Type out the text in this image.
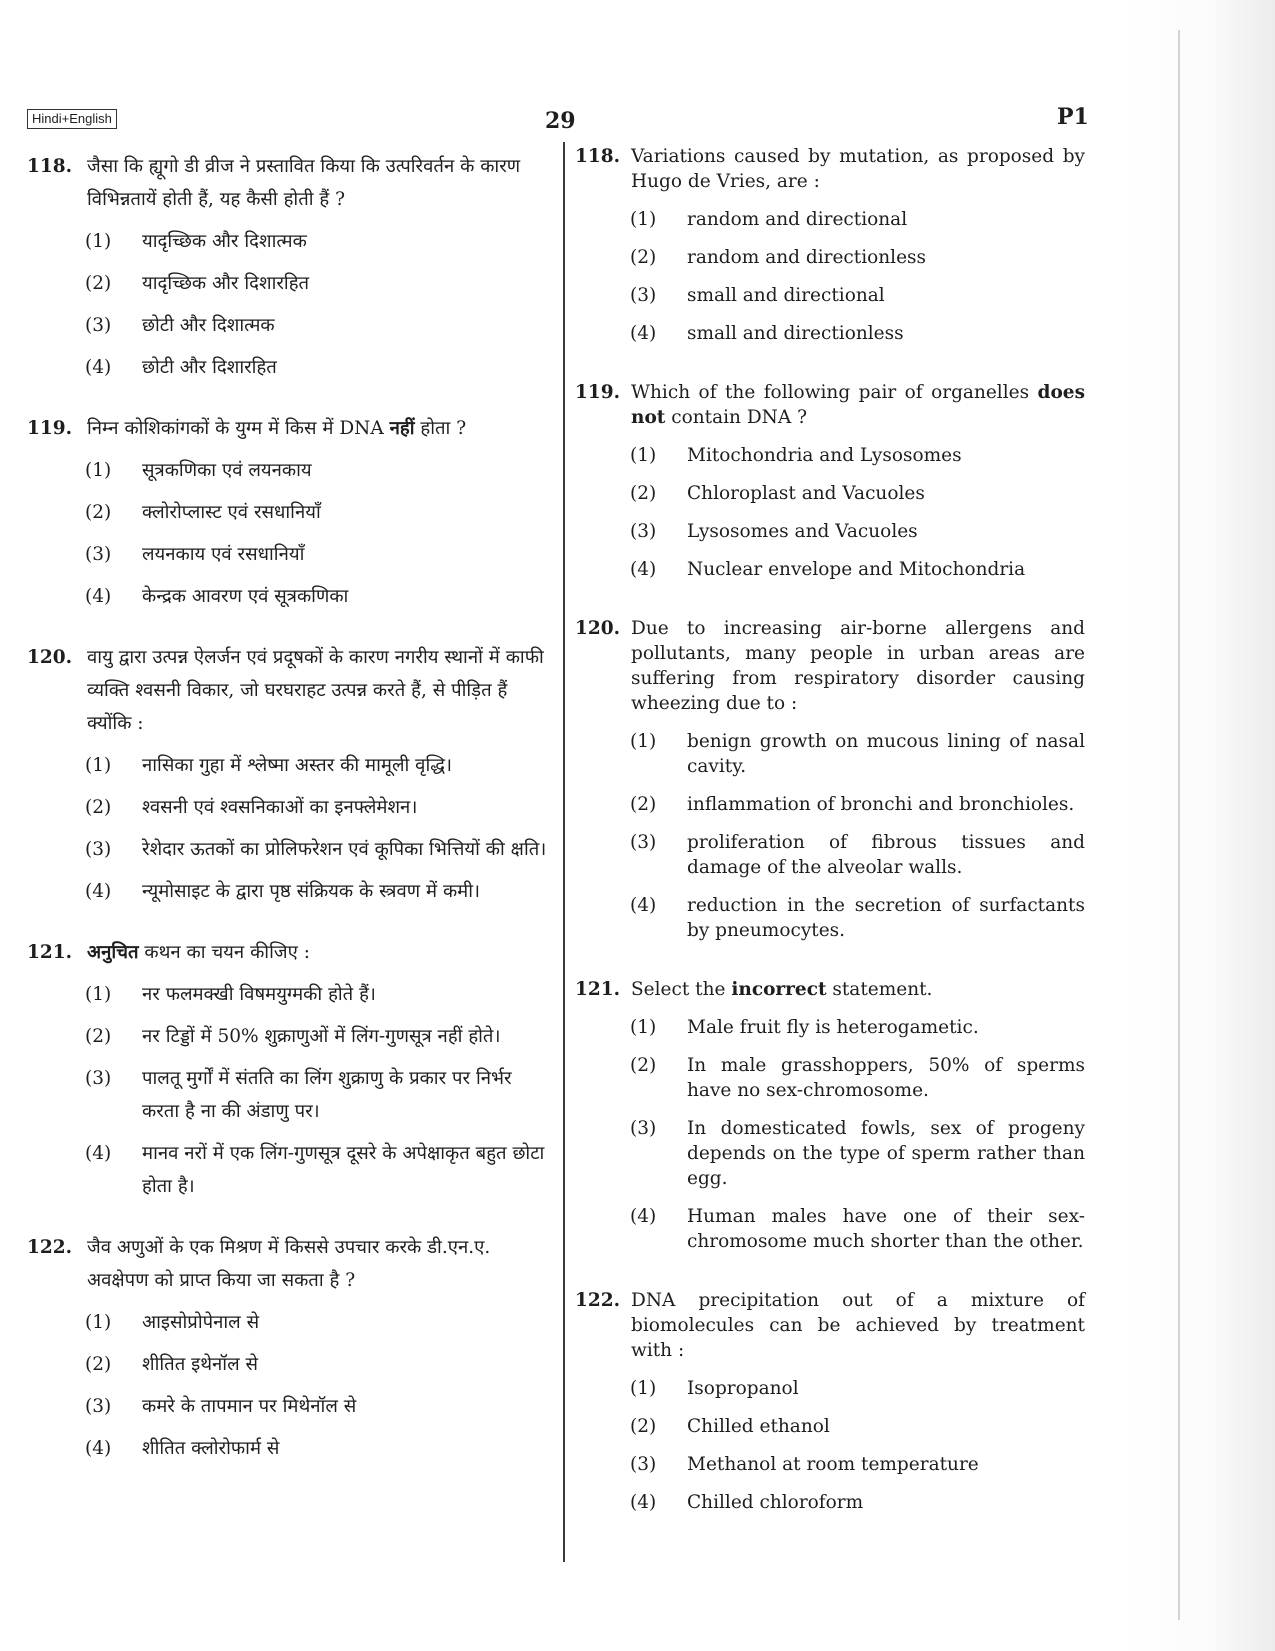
Hindi+English	29	P1
118. जैसा कि ह्यूगो डी व्रीज ने प्रस्तावित किया कि उत्परिवर्तन के कारण विभिन्नतायें होती हैं, यह कैसी होती हैं ?
(1) यादृच्छिक और दिशात्मक
(2) यादृच्छिक और दिशारहित
(3) छोटी और दिशात्मक
(4) छोटी और दिशारहित
119. निम्न कोशिकांगकों के युग्म में किस में DNA नहीं होता ?
(1) सूत्रकणिका एवं लयनकाय
(2) क्लोरोप्लास्ट एवं रसधानियाँ
(3) लयनकाय एवं रसधानियाँ
(4) केन्द्रक आवरण एवं सूत्रकणिका
120. वायु द्वारा उत्पन्न ऐलर्जन एवं प्रदूषकों के कारण नगरीय स्थानों में काफी व्यक्ति श्वसनी विकार, जो घरघराहट उत्पन्न करते हैं, से पीड़ित हैं क्योंकि :
(1) नासिका गुहा में श्लेष्मा अस्तर की मामूली वृद्धि।
(2) श्वसनी एवं श्वसनिकाओं का इनफ्लेमेशन।
(3) रेशेदार ऊतकों का प्रोलिफरेशन एवं कूपिका भित्तियों की क्षति।
(4) न्यूमोसाइट के द्वारा पृष्ठ संक्रियक के स्त्रवण में कमी।
121. अनुचित कथन का चयन कीजिए :
(1) नर फलमक्खी विषमयुग्मकी होते हैं।
(2) नर टिड्डों में 50% शुक्राणुओं में लिंग-गुणसूत्र नहीं होते।
(3) पालतू मुर्गों में संतति का लिंग शुक्राणु के प्रकार पर निर्भर करता है ना की अंडाणु पर।
(4) मानव नरों में एक लिंग-गुणसूत्र दूसरे के अपेक्षाकृत बहुत छोटा होता है।
122. जैव अणुओं के एक मिश्रण में किससे उपचार करके डी.एन.ए. अवक्षेपण को प्राप्त किया जा सकता है ?
(1) आइसोप्रोपेनाल से
(2) शीतित इथेनॉल से
(3) कमरे के तापमान पर मिथेनॉल से
(4) शीतित क्लोरोफार्म से
118. Variations caused by mutation, as proposed by Hugo de Vries, are :
(1) random and directional
(2) random and directionless
(3) small and directional
(4) small and directionless
119. Which of the following pair of organelles does not contain DNA ?
(1) Mitochondria and Lysosomes
(2) Chloroplast and Vacuoles
(3) Lysosomes and Vacuoles
(4) Nuclear envelope and Mitochondria
120. Due to increasing air-borne allergens and pollutants, many people in urban areas are suffering from respiratory disorder causing wheezing due to :
(1) benign growth on mucous lining of nasal cavity.
(2) inflammation of bronchi and bronchioles.
(3) proliferation of fibrous tissues and damage of the alveolar walls.
(4) reduction in the secretion of surfactants by pneumocytes.
121. Select the incorrect statement.
(1) Male fruit fly is heterogametic.
(2) In male grasshoppers, 50% of sperms have no sex-chromosome.
(3) In domesticated fowls, sex of progeny depends on the type of sperm rather than egg.
(4) Human males have one of their sex-chromosome much shorter than the other.
122. DNA precipitation out of a mixture of biomolecules can be achieved by treatment with :
(1) Isopropanol
(2) Chilled ethanol
(3) Methanol at room temperature
(4) Chilled chloroform
